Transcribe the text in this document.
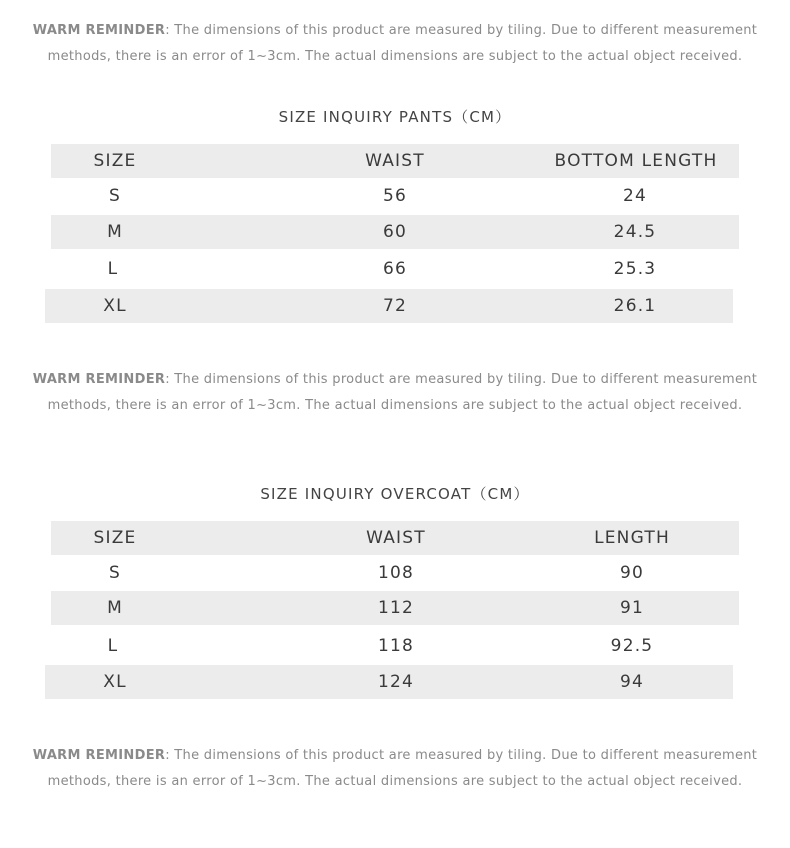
WARM REMINDER: The dimensions of this product are measured by tiling. Due to different measurement
methods, there is an error of 1~3cm. The actual dimensions are subject to the actual object received.
SIZE INQUIRY PANTS（CM）
SIZE	WAIST	BOTTOM LENGTH
S	56	24
M	60	24.5
L	66	25.3
XL	72	26.1
WARM REMINDER: The dimensions of this product are measured by tiling. Due to different measurement
methods, there is an error of 1~3cm. The actual dimensions are subject to the actual object received.
SIZE INQUIRY OVERCOAT（CM）
SIZE	WAIST	LENGTH
S	108	90
M	112	91
L	118	92.5
XL	124	94
WARM REMINDER: The dimensions of this product are measured by tiling. Due to different measurement
methods, there is an error of 1~3cm. The actual dimensions are subject to the actual object received.
